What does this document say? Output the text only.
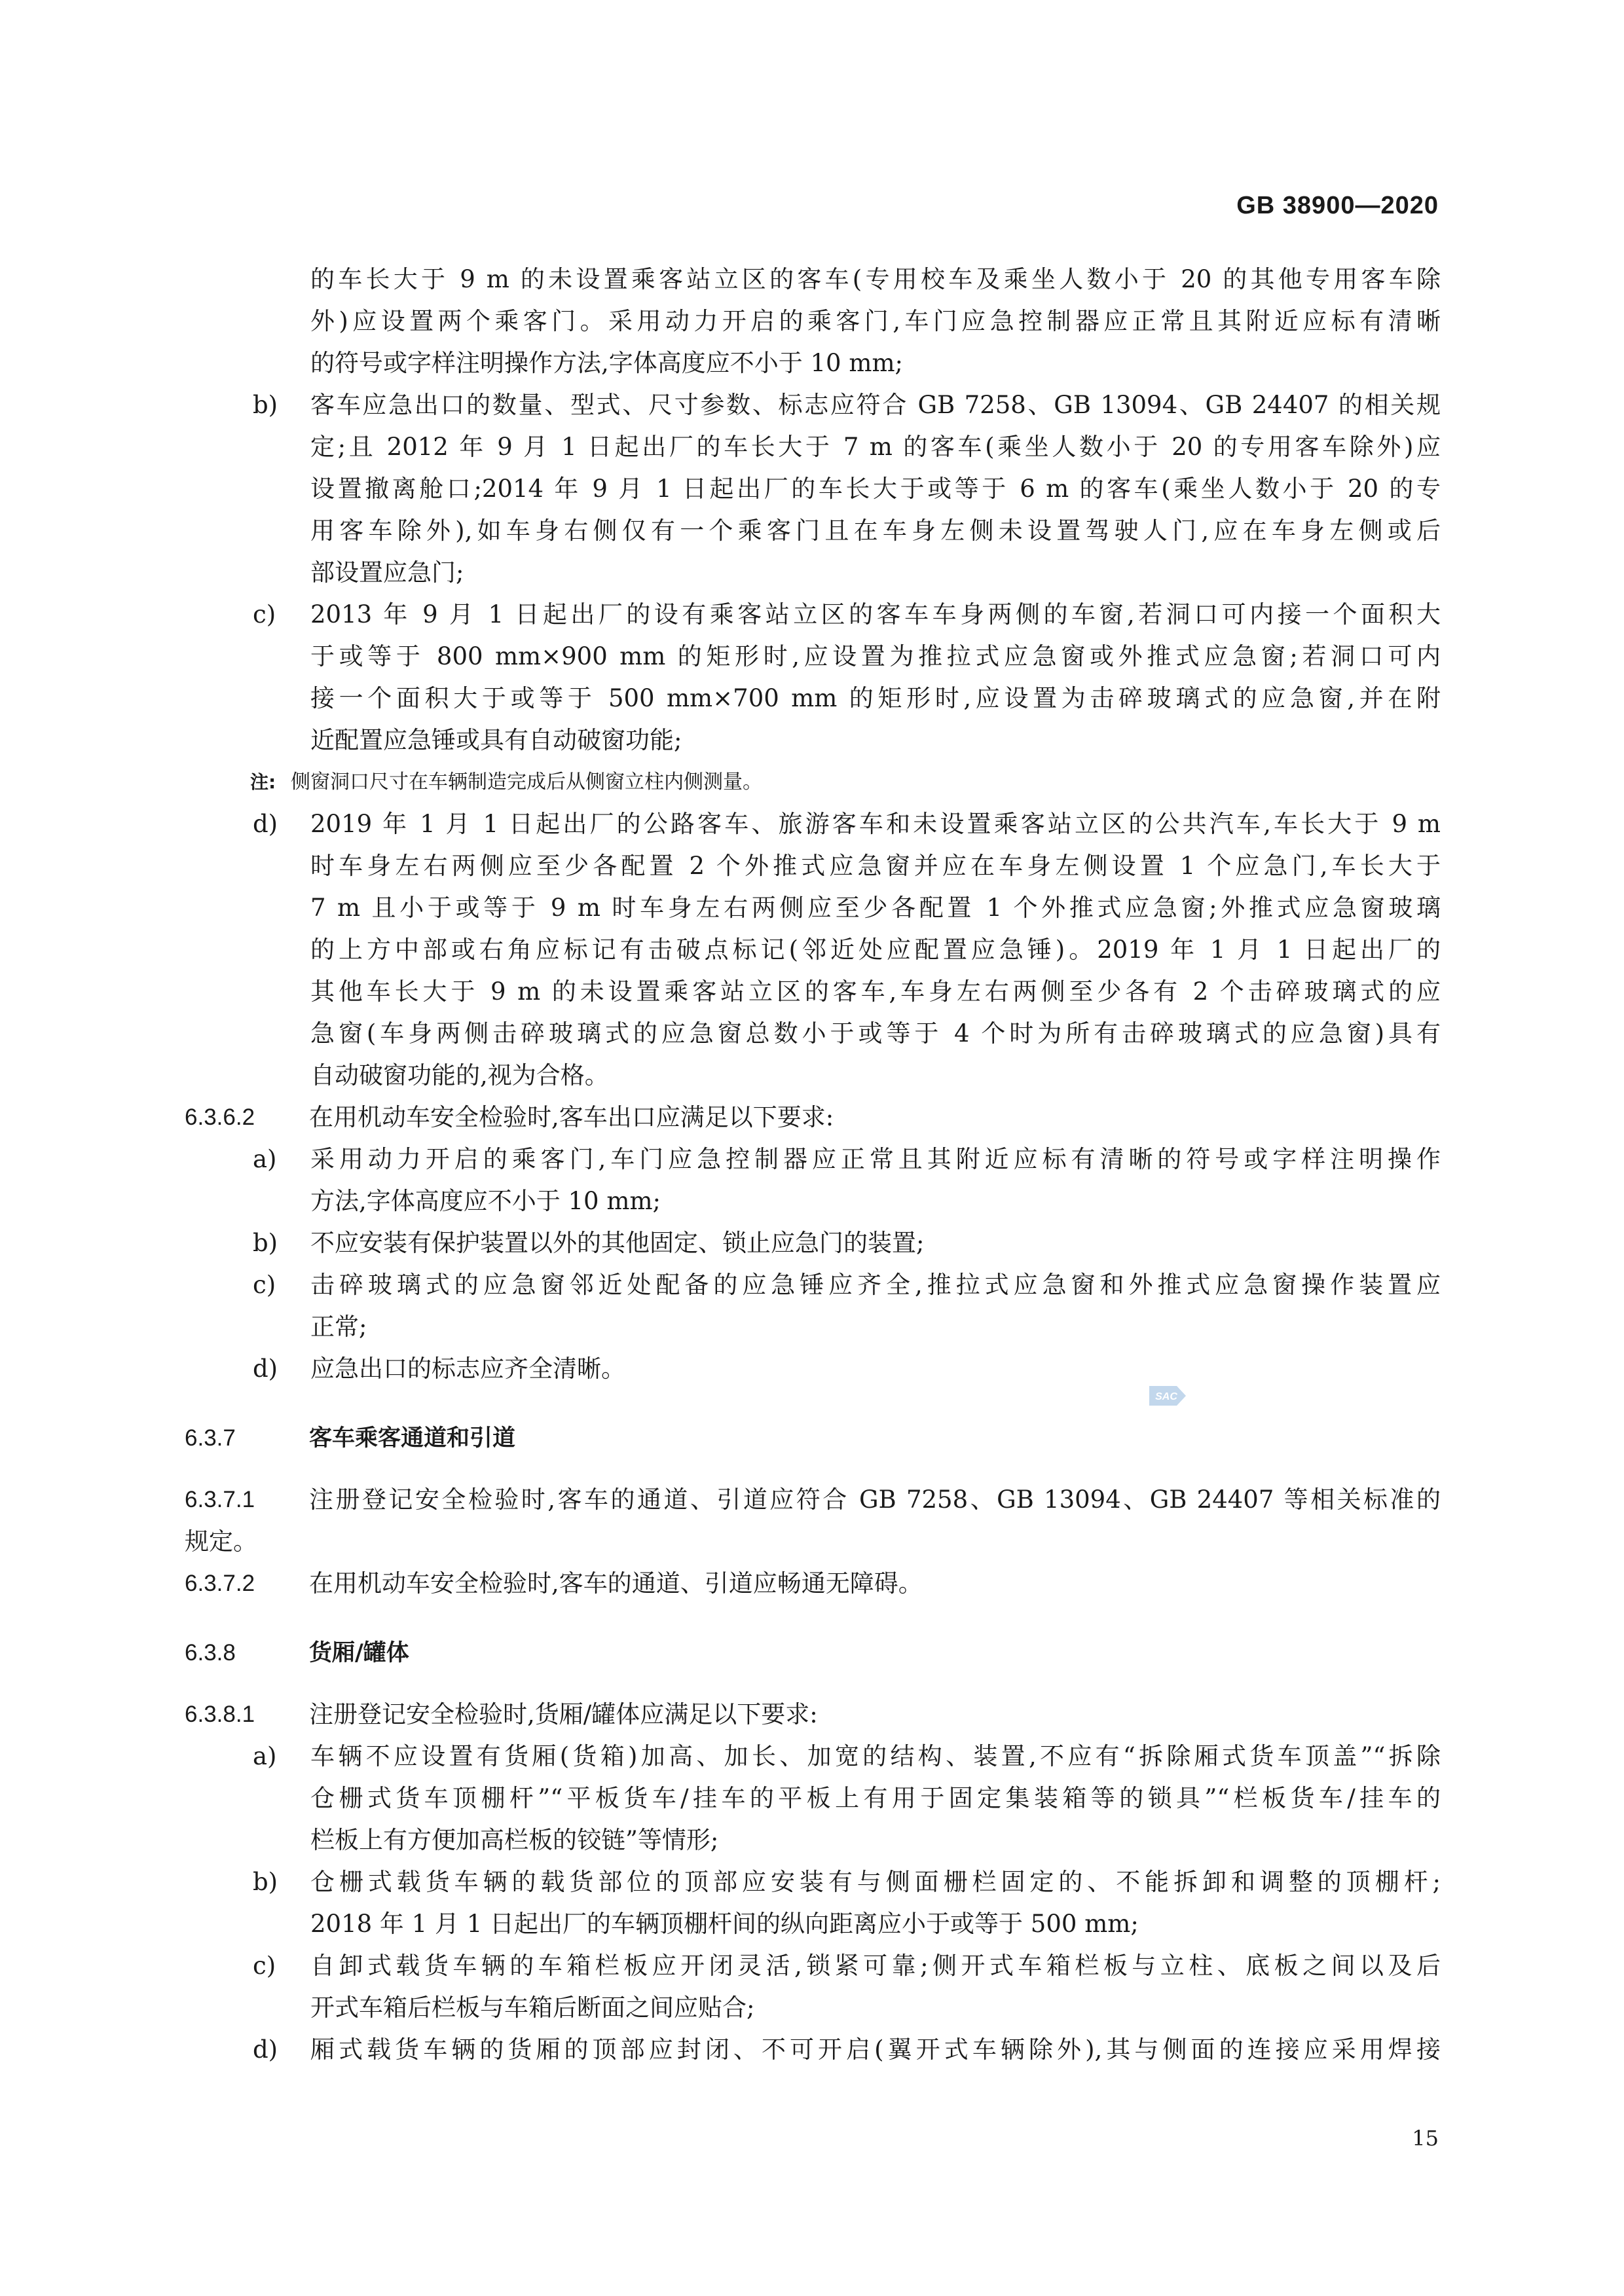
GB 38900—2020
的车长大于 9 m 的未设置乘客站立区的客车(专用校车及乘坐人数小于 20 的其他专用客车除
外)应设置两个乘客门。采用动力开启的乘客门,车门应急控制器应正常且其附近应标有清晰
的符号或字样注明操作方法,字体高度应不小于 10 mm;
b) 客车应急出口的数量、型式、尺寸参数、标志应符合 GB 7258、GB 13094、GB 24407 的相关规
定;且 2012 年 9 月 1 日起出厂的车长大于 7 m 的客车(乘坐人数小于 20 的专用客车除外)应
设置撤离舱口;2014 年 9 月 1 日起出厂的车长大于或等于 6 m 的客车(乘坐人数小于 20 的专
用客车除外),如车身右侧仅有一个乘客门且在车身左侧未设置驾驶人门,应在车身左侧或后
部设置应急门;
c) 2013 年 9 月 1 日起出厂的设有乘客站立区的客车车身两侧的车窗,若洞口可内接一个面积大
于或等于 800 mm×900 mm 的矩形时,应设置为推拉式应急窗或外推式应急窗;若洞口可内
接一个面积大于或等于 500 mm×700 mm 的矩形时,应设置为击碎玻璃式的应急窗,并在附
近配置应急锤或具有自动破窗功能;
注: 侧窗洞口尺寸在车辆制造完成后从侧窗立柱内侧测量。
d) 2019 年 1 月 1 日起出厂的公路客车、旅游客车和未设置乘客站立区的公共汽车,车长大于 9 m
时车身左右两侧应至少各配置 2 个外推式应急窗并应在车身左侧设置 1 个应急门,车长大于
7 m 且小于或等于 9 m 时车身左右两侧应至少各配置 1 个外推式应急窗;外推式应急窗玻璃
的上方中部或右角应标记有击破点标记(邻近处应配置应急锤)。2019 年 1 月 1 日起出厂的
其他车长大于 9 m 的未设置乘客站立区的客车,车身左右两侧至少各有 2 个击碎玻璃式的应
急窗(车身两侧击碎玻璃式的应急窗总数小于或等于 4 个时为所有击碎玻璃式的应急窗)具有
自动破窗功能的,视为合格。
6.3.6.2 在用机动车安全检验时,客车出口应满足以下要求:
a) 采用动力开启的乘客门,车门应急控制器应正常且其附近应标有清晰的符号或字样注明操作
方法,字体高度应不小于 10 mm;
b) 不应安装有保护装置以外的其他固定、锁止应急门的装置;
c) 击碎玻璃式的应急窗邻近处配备的应急锤应齐全,推拉式应急窗和外推式应急窗操作装置应
正常;
d) 应急出口的标志应齐全清晰。
6.3.7	客车乘客通道和引道
6.3.7.1 注册登记安全检验时,客车的通道、引道应符合 GB 7258、GB 13094、GB 24407 等相关标准的
规定。
6.3.7.2 在用机动车安全检验时,客车的通道、引道应畅通无障碍。
6.3.8	货厢/罐体
6.3.8.1 注册登记安全检验时,货厢/罐体应满足以下要求:
a) 车辆不应设置有货厢(货箱)加高、加长、加宽的结构、装置,不应有“拆除厢式货车顶盖”“拆除
仓栅式货车顶棚杆”“平板货车/挂车的平板上有用于固定集装箱等的锁具”“栏板货车/挂车的
栏板上有方便加高栏板的铰链”等情形;
b) 仓栅式载货车辆的载货部位的顶部应安装有与侧面栅栏固定的、不能拆卸和调整的顶棚杆;
2018 年 1 月 1 日起出厂的车辆顶棚杆间的纵向距离应小于或等于 500 mm;
c) 自卸式载货车辆的车箱栏板应开闭灵活,锁紧可靠;侧开式车箱栏板与立柱、底板之间以及后
开式车箱后栏板与车箱后断面之间应贴合;
d) 厢式载货车辆的货厢的顶部应封闭、不可开启(翼开式车辆除外),其与侧面的连接应采用焊接
SAC
15
